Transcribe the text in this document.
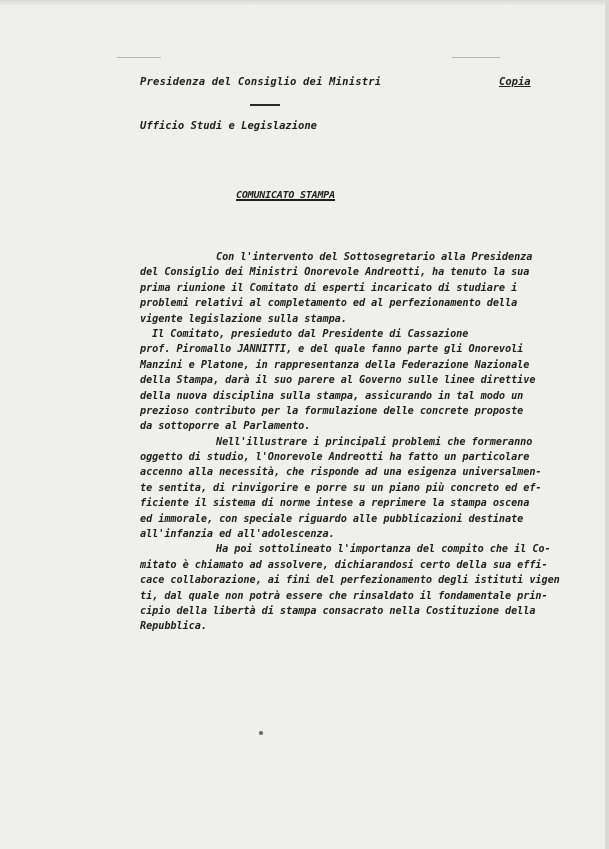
Presidenza del Consiglio dei Ministri	Copia
Ufficio Studi e Legislazione
COMUNICATO STAMPA
Con l'intervento del Sottosegretario alla Presidenza
del Consiglio dei Ministri Onorevole Andreotti, ha tenuto la sua
prima riunione il Comitato di esperti incaricato di studiare i
problemi relativi al completamento ed al perfezionamento della
vigente legislazione sulla stampa.
Il Comitato, presieduto dal Presidente di Cassazione
prof. Piromallo JANNITTI, e del quale fanno parte gli Onorevoli
Manzini e Platone, in rappresentanza della Federazione Nazionale
della Stampa, darà il suo parere al Governo sulle linee direttive
della nuova disciplina sulla stampa, assicurando in tal modo un
prezioso contributo per la formulazione delle concrete proposte
da sottoporre al Parlamento.
Nell'illustrare i principali problemi che formeranno
oggetto di studio, l'Onorevole Andreotti ha fatto un particolare
accenno alla necessità, che risponde ad una esigenza universalmen-
te sentita, di rinvigorire e porre su un piano più concreto ed ef-
ficiente il sistema di norme intese a reprimere la stampa oscena
ed immorale, con speciale riguardo alle pubblicazioni destinate
all'infanzia ed all'adolescenza.
Ha poi sottolineato l'importanza del compito che il Co-
mitato è chiamato ad assolvere, dichiarandosi certo della sua effi-
cace collaborazione, ai fini del perfezionamento degli istituti vigen
ti, dal quale non potrà essere che rinsaldato il fondamentale prin-
cipio della libertà di stampa consacrato nella Costituzione della
Repubblica.
